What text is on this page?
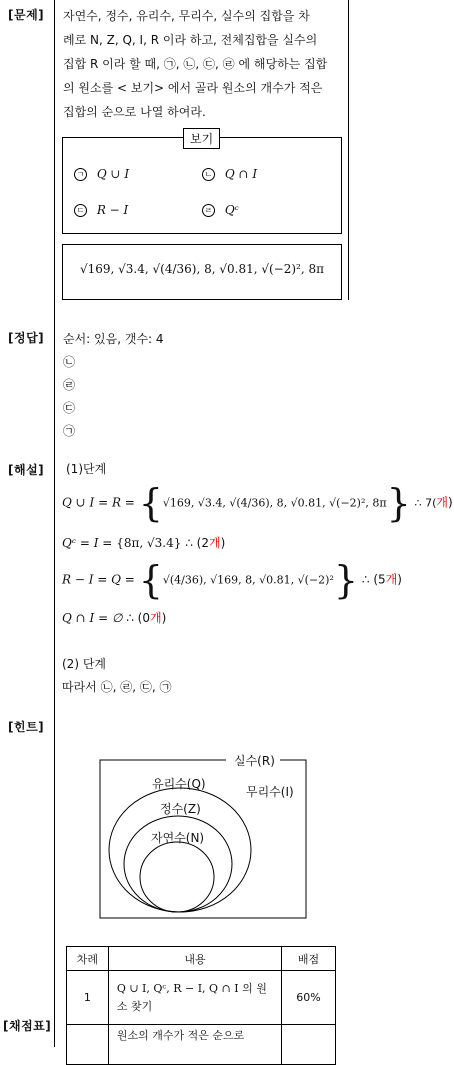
[문제]
[정답]
[해설]
[힌트]
[채점표]
자연수, 정수, 유리수, 무리수, 실수의 집합을 차
례로 N, Z, Q, I, R 이라 하고, 전체집합을 실수의
집합 R 이라 할 때, ㉠, ㉡, ㉢, ㉣ 에 해당하는 집합
의 원소를 < 보기> 에서 골라 원소의 개수가 적은
집합의 순으로 나열 하여라.
보기
ㄱ Q ∪ I	ㄴ Q ∩ I
ㄷ R − I	ㄹ Qᶜ
√169, √3.4, √(4/36), 8, √0.81, √(−2)², 8π
순서: 있음, 갯수: 4
㉡
㉣
㉢
㉠
(1)단계
Q ∪ I = R = {√169, √3.4, √(4/36), 8, √0.81, √(−2)², 8π} ∴ 7(개)
Qᶜ = I = {8π, √3.4} ∴ (2개)
R − I = Q = {√(4/36), √169, 8, √0.81, √(−2)²} ∴ (5개)
Q ∩ I = ∅ ∴ (0개)
(2) 단계
따라서 ㉡, ㉣, ㉢, ㉠
실수(R)
유리수(Q)
무리수(I)
정수(Z)
자연수(N)
차례	내용	배점
1	Q ∪ I, Qᶜ, R − I, Q ∩ I 의 원소 찾기	60%
	원소의 개수가 적은 순으로	
